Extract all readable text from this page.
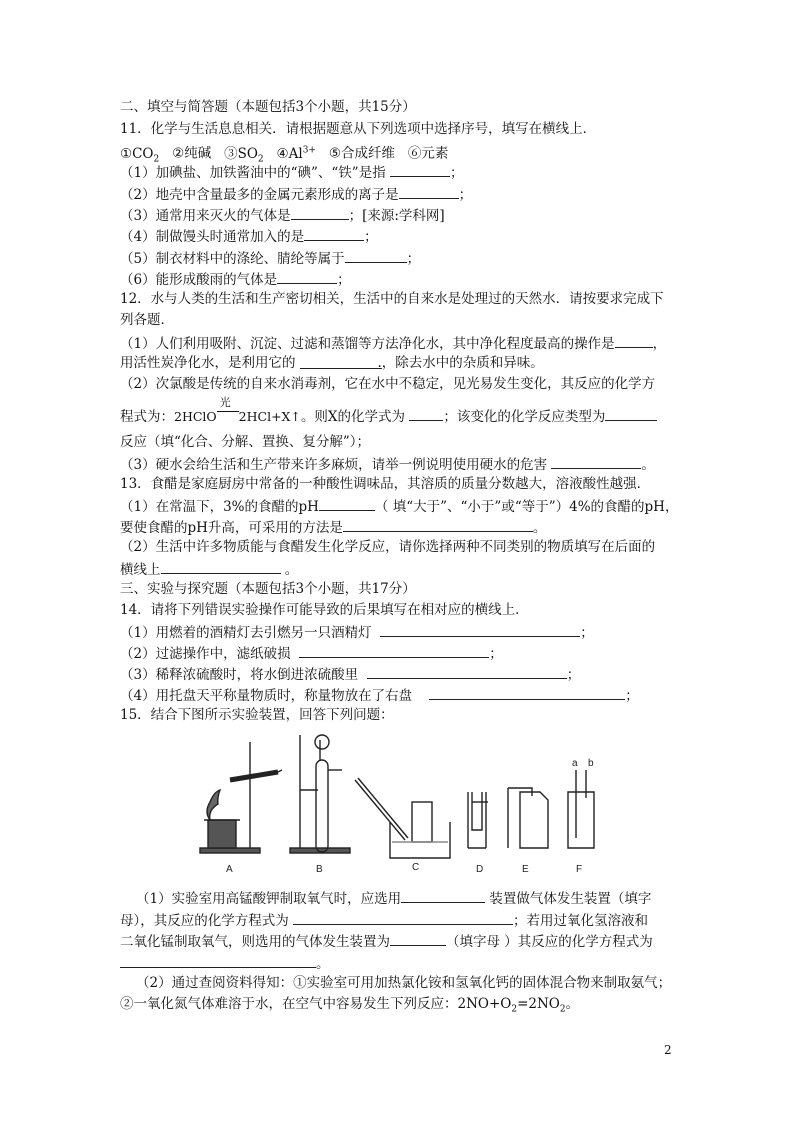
二、填空与简答题（本题包括3个小题，共15分）
11．化学与生活息息相关．请根据题意从下列选项中选择序号，填写在横线上．
$①CO_2$ ②纯碱 $③SO_2$ $④Al^{3+}$ ⑤合成纤维 ⑥元素
（1）加碘盐、加铁酱油中的“碘”、“铁”是指	；
（2）地壳中含量最多的金属元素形成的离子是	；
（3）通常用来灭火的气体是	；[来源:学科网]
（4）制做馒头时通常加入的是	；
（5）制衣材料中的涤纶、腈纶等属于	；
（6）能形成酸雨的气体是	；
12．水与人类的生活和生产密切相关，生活中的自来水是处理过的天然水．请按要求完成下
列各题．
（1）人们利用吸附、沉淀、过滤和蒸馏等方法净化水，其中净化程度最高的操作是	，
用活性炭净化水，是利用它的	.，除去水中的杂质和异味。
（2）次氯酸是传统的自来水消毒剂，它在水中不稳定，见光易发生变化，其反应的化学方
程式为：2HClO
光
2HCl+X↑。则X的化学式为	；该变化的化学反应类型为
反应（填“化合、分解、置换、复分解”）；
（3）硬水会给生活和生产带来许多麻烦，请举一例说明使用硬水的危害	。
13．食醋是家庭厨房中常备的一种酸性调味品，其溶质的质量分数越大，溶液酸性越强．
（1）在常温下，3%的食醋的pH	（ 填“大于”、“小于”或“等于”）4%的食醋的pH，
要使食醋的pH升高，可采用的方法是	。
（2）生活中许多物质能与食醋发生化学反应，请你选择两种不同类别的物质填写在后面的
横线上	。
三、实验与探究题（本题包括3个小题，共17分）
14．请将下列错误实验操作可能导致的后果填写在相对应的横线上．
（1）用燃着的酒精灯去引燃另一只酒精灯	；
（2）过滤操作中，滤纸破损	；
（3）稀释浓硫酸时，将水倒进浓硫酸里	；
（4）用托盘天平称量物质时，称量物放在了右盘	；
15．结合下图所示实验装置，回答下列问题：
A	B	C	D	E	F
a b
（1）实验室用高锰酸钾制取氧气时，应选用	装置做气体发生装置（填字
母），其反应的化学方程式为	；若用过氧化氢溶液和
二氧化锰制取氧气，则选用的气体发生装置为	（填字母 ）其反应的化学方程式为
。
（2）通过查阅资料得知：①实验室可用加热氯化铵和氢氧化钙的固体混合物来制取氨气；
②一氧化氮气体难溶于水，在空气中容易发生下列反应：$2NO+O_2=2NO_2$。
2
